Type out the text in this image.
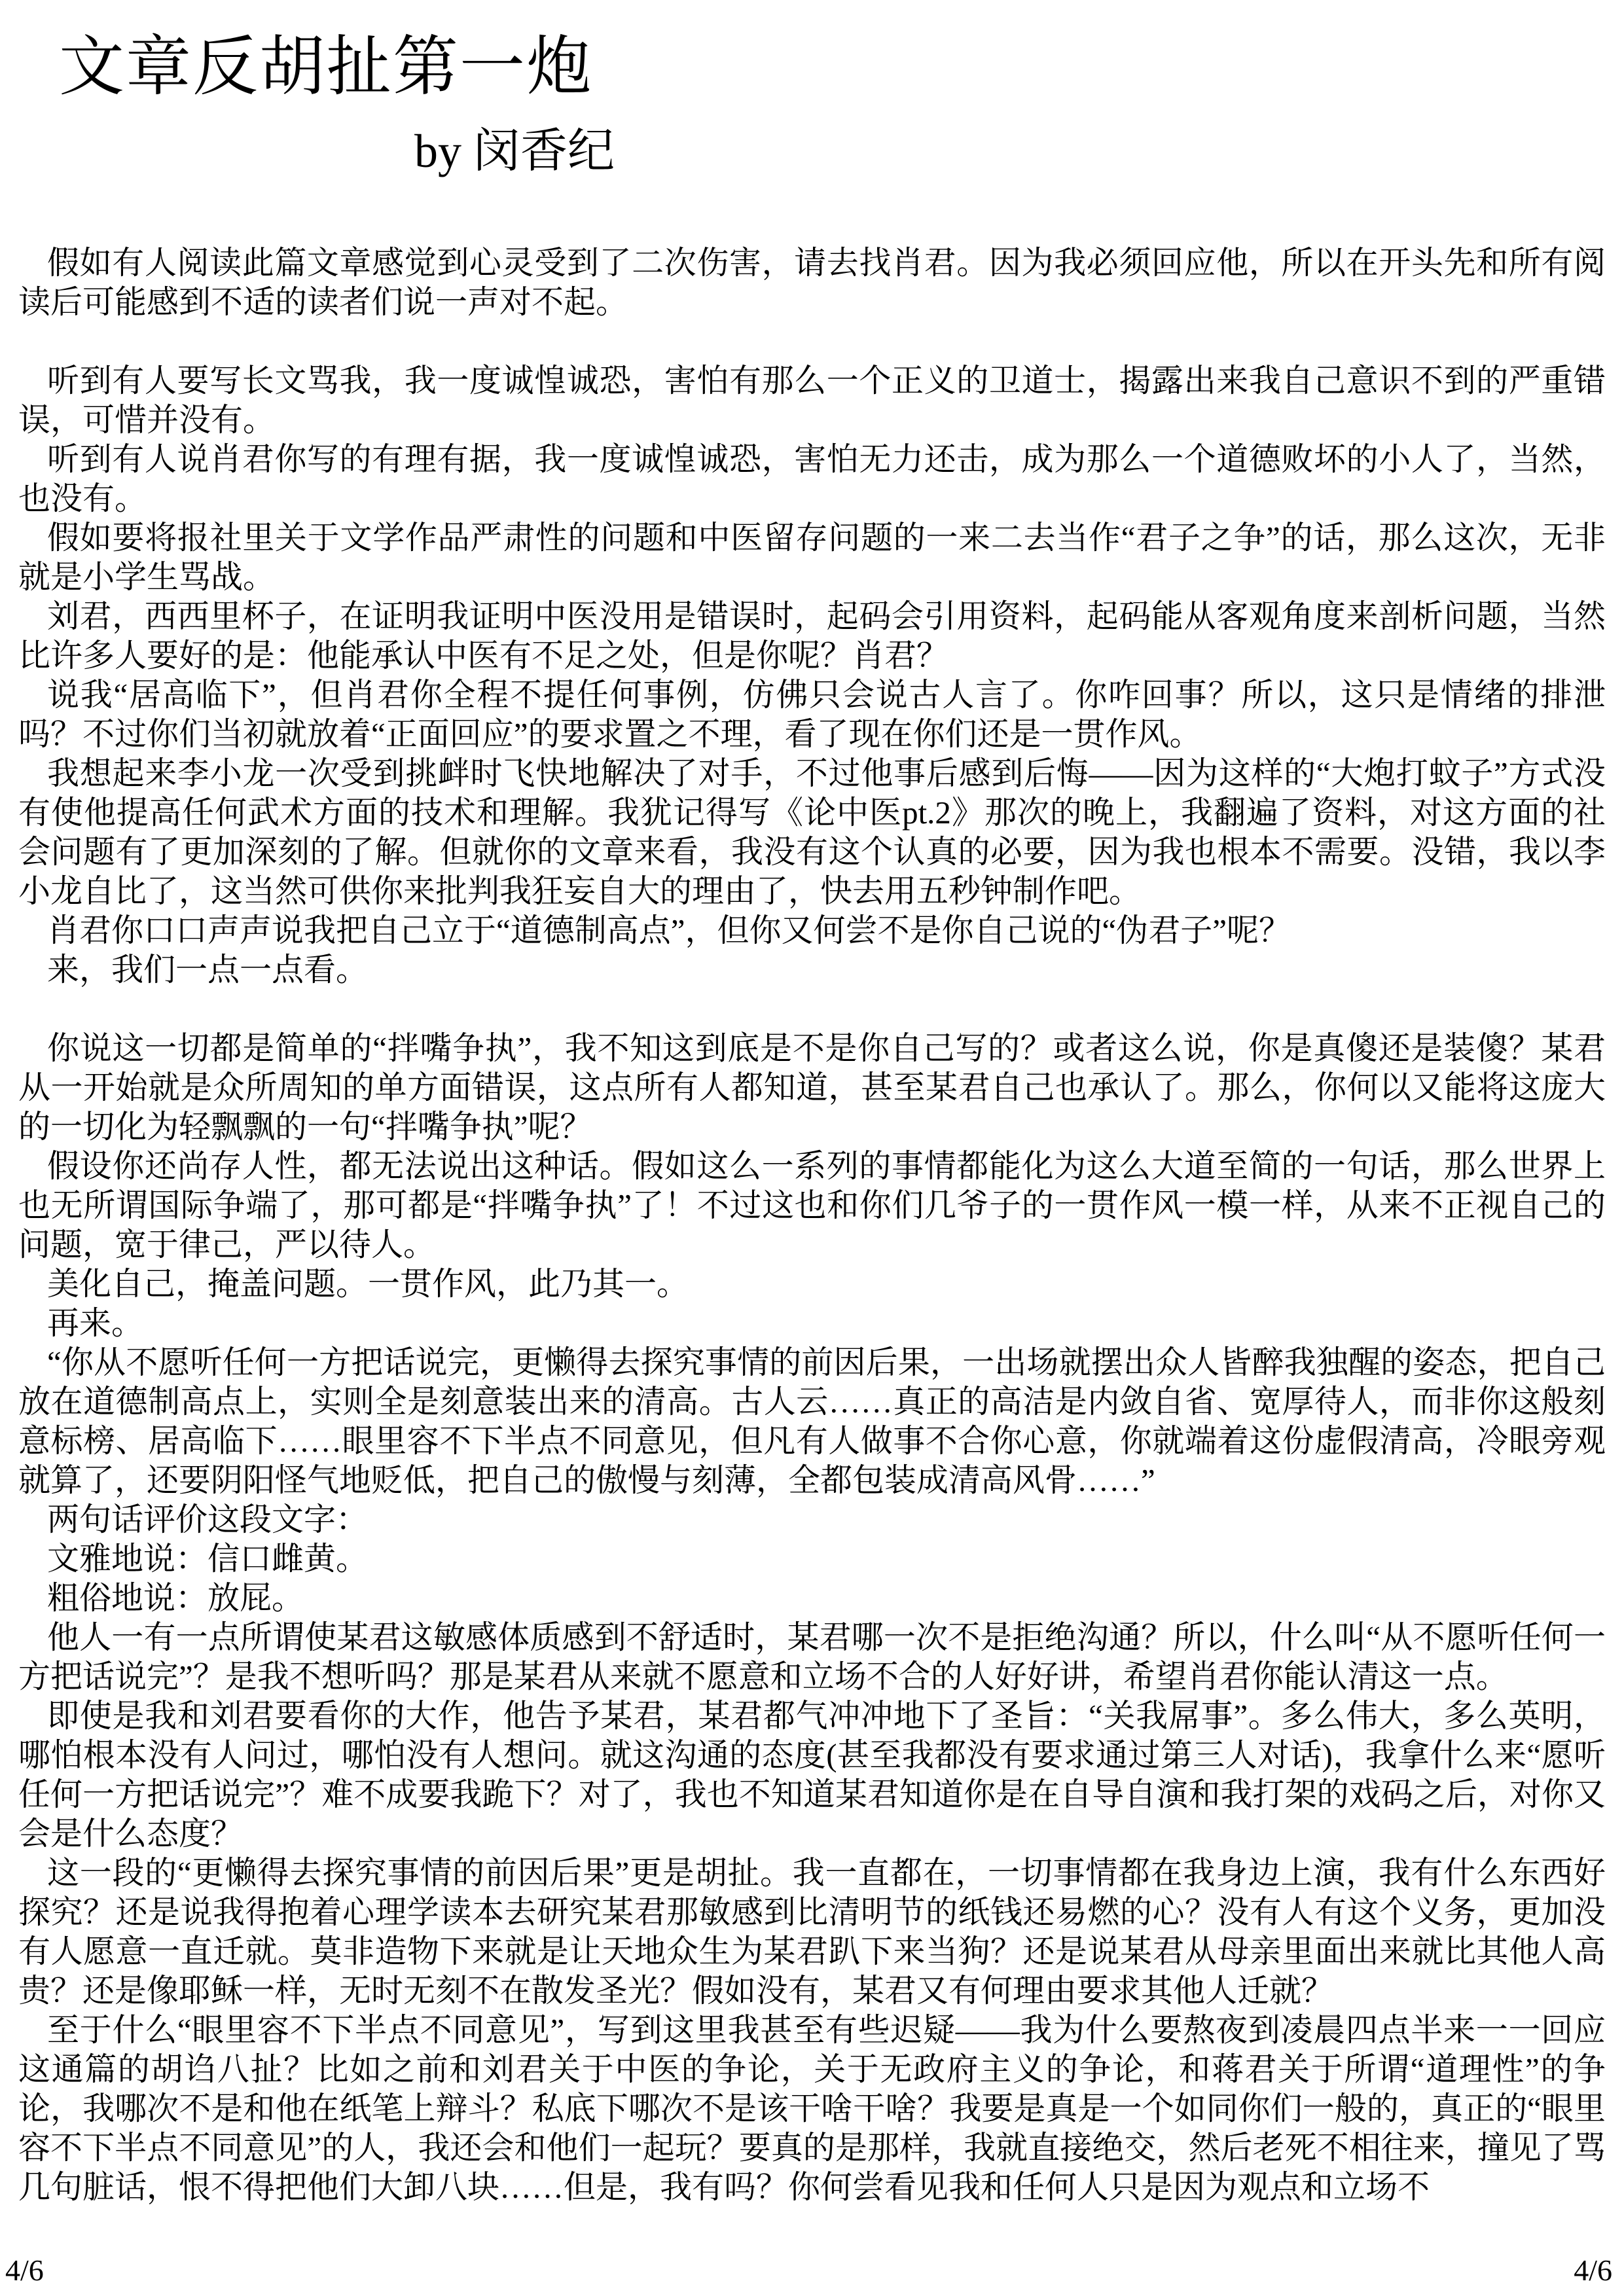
文章反胡扯第一炮
by 闵香纪

假如有人阅读此篇文章感觉到心灵受到了二次伤害，请去找肖君。因为我必须回应他，所以在开头先和所有阅读后可能感到不适的读者们说一声对不起。

听到有人要写长文骂我，我一度诚惶诚恐，害怕有那么一个正义的卫道士，揭露出来我自己意识不到的严重错误，可惜并没有。

听到有人说肖君你写的有理有据，我一度诚惶诚恐，害怕无力还击，成为那么一个道德败坏的小人了，当然，也没有。

假如要将报社里关于文学作品严肃性的问题和中医留存问题的一来二去当作“君子之争”的话，那么这次，无非就是小学生骂战。

刘君，西西里杯子，在证明我证明中医没用是错误时，起码会引用资料，起码能从客观角度来剖析问题，当然比许多人要好的是：他能承认中医有不足之处，但是你呢？肖君？

说我“居高临下”，但肖君你全程不提任何事例，仿佛只会说古人言了。你咋回事？所以，这只是情绪的排泄吗？不过你们当初就放着“正面回应”的要求置之不理，看了现在你们还是一贯作风。

我想起来李小龙一次受到挑衅时飞快地解决了对手，不过他事后感到后悔——因为这样的“大炮打蚊子”方式没有使他提高任何武术方面的技术和理解。我犹记得写《论中医pt.2》那次的晚上，我翻遍了资料，对这方面的社会问题有了更加深刻的了解。但就你的文章来看，我没有这个认真的必要，因为我也根本不需要。没错，我以李小龙自比了，这当然可供你来批判我狂妄自大的理由了，快去用五秒钟制作吧。

肖君你口口声声说我把自己立于“道德制高点”，但你又何尝不是你自己说的“伪君子”呢？

来，我们一点一点看。

你说这一切都是简单的“拌嘴争执”，我不知这到底是不是你自己写的？或者这么说，你是真傻还是装傻？某君从一开始就是众所周知的单方面错误，这点所有人都知道，甚至某君自己也承认了。那么，你何以又能将这庞大的一切化为轻飘飘的一句“拌嘴争执”呢？

假设你还尚存人性，都无法说出这种话。假如这么一系列的事情都能化为这么大道至简的一句话，那么世界上也无所谓国际争端了，那可都是“拌嘴争执”了！不过这也和你们几爷子的一贯作风一模一样，从来不正视自己的问题，宽于律己，严以待人。

美化自己，掩盖问题。一贯作风，此乃其一。

再来。

“你从不愿听任何一方把话说完，更懒得去探究事情的前因后果，一出场就摆出众人皆醉我独醒的姿态，把自己放在道德制高点上，实则全是刻意装出来的清高。古人云……真正的高洁是内敛自省、宽厚待人，而非你这般刻意标榜、居高临下……眼里容不下半点不同意见，但凡有人做事不合你心意，你就端着这份虚假清高，冷眼旁观就算了，还要阴阳怪气地贬低，把自己的傲慢与刻薄，全都包装成清高风骨……”

两句话评价这段文字：

文雅地说：信口雌黄。

粗俗地说：放屁。

他人一有一点所谓使某君这敏感体质感到不舒适时，某君哪一次不是拒绝沟通？所以，什么叫“从不愿听任何一方把话说完”？是我不想听吗？那是某君从来就不愿意和立场不合的人好好讲，希望肖君你能认清这一点。

即使是我和刘君要看你的大作，他告予某君，某君都气冲冲地下了圣旨：“关我屌事”。多么伟大，多么英明，哪怕根本没有人问过，哪怕没有人想问。就这沟通的态度(甚至我都没有要求通过第三人对话)，我拿什么来“愿听任何一方把话说完”？难不成要我跪下？对了，我也不知道某君知道你是在自导自演和我打架的戏码之后，对你又会是什么态度？

这一段的“更懒得去探究事情的前因后果”更是胡扯。我一直都在，一切事情都在我身边上演，我有什么东西好探究？还是说我得抱着心理学读本去研究某君那敏感到比清明节的纸钱还易燃的心？没有人有这个义务，更加没有人愿意一直迁就。莫非造物下来就是让天地众生为某君趴下来当狗？还是说某君从母亲里面出来就比其他人高贵？还是像耶稣一样，无时无刻不在散发圣光？假如没有，某君又有何理由要求其他人迁就？

至于什么“眼里容不下半点不同意见”，写到这里我甚至有些迟疑——我为什么要熬夜到凌晨四点半来一一回应这通篇的胡诌八扯？比如之前和刘君关于中医的争论，关于无政府主义的争论，和蒋君关于所谓“道理性”的争论，我哪次不是和他在纸笔上辩斗？私底下哪次不是该干啥干啥？我要是真是一个如同你们一般的，真正的“眼里容不下半点不同意见”的人，我还会和他们一起玩？要真的是那样，我就直接绝交，然后老死不相往来，撞见了骂几句脏话，恨不得把他们大卸八块……但是，我有吗？你何尝看见我和任何人只是因为观点和立场不

4/6	4/6
